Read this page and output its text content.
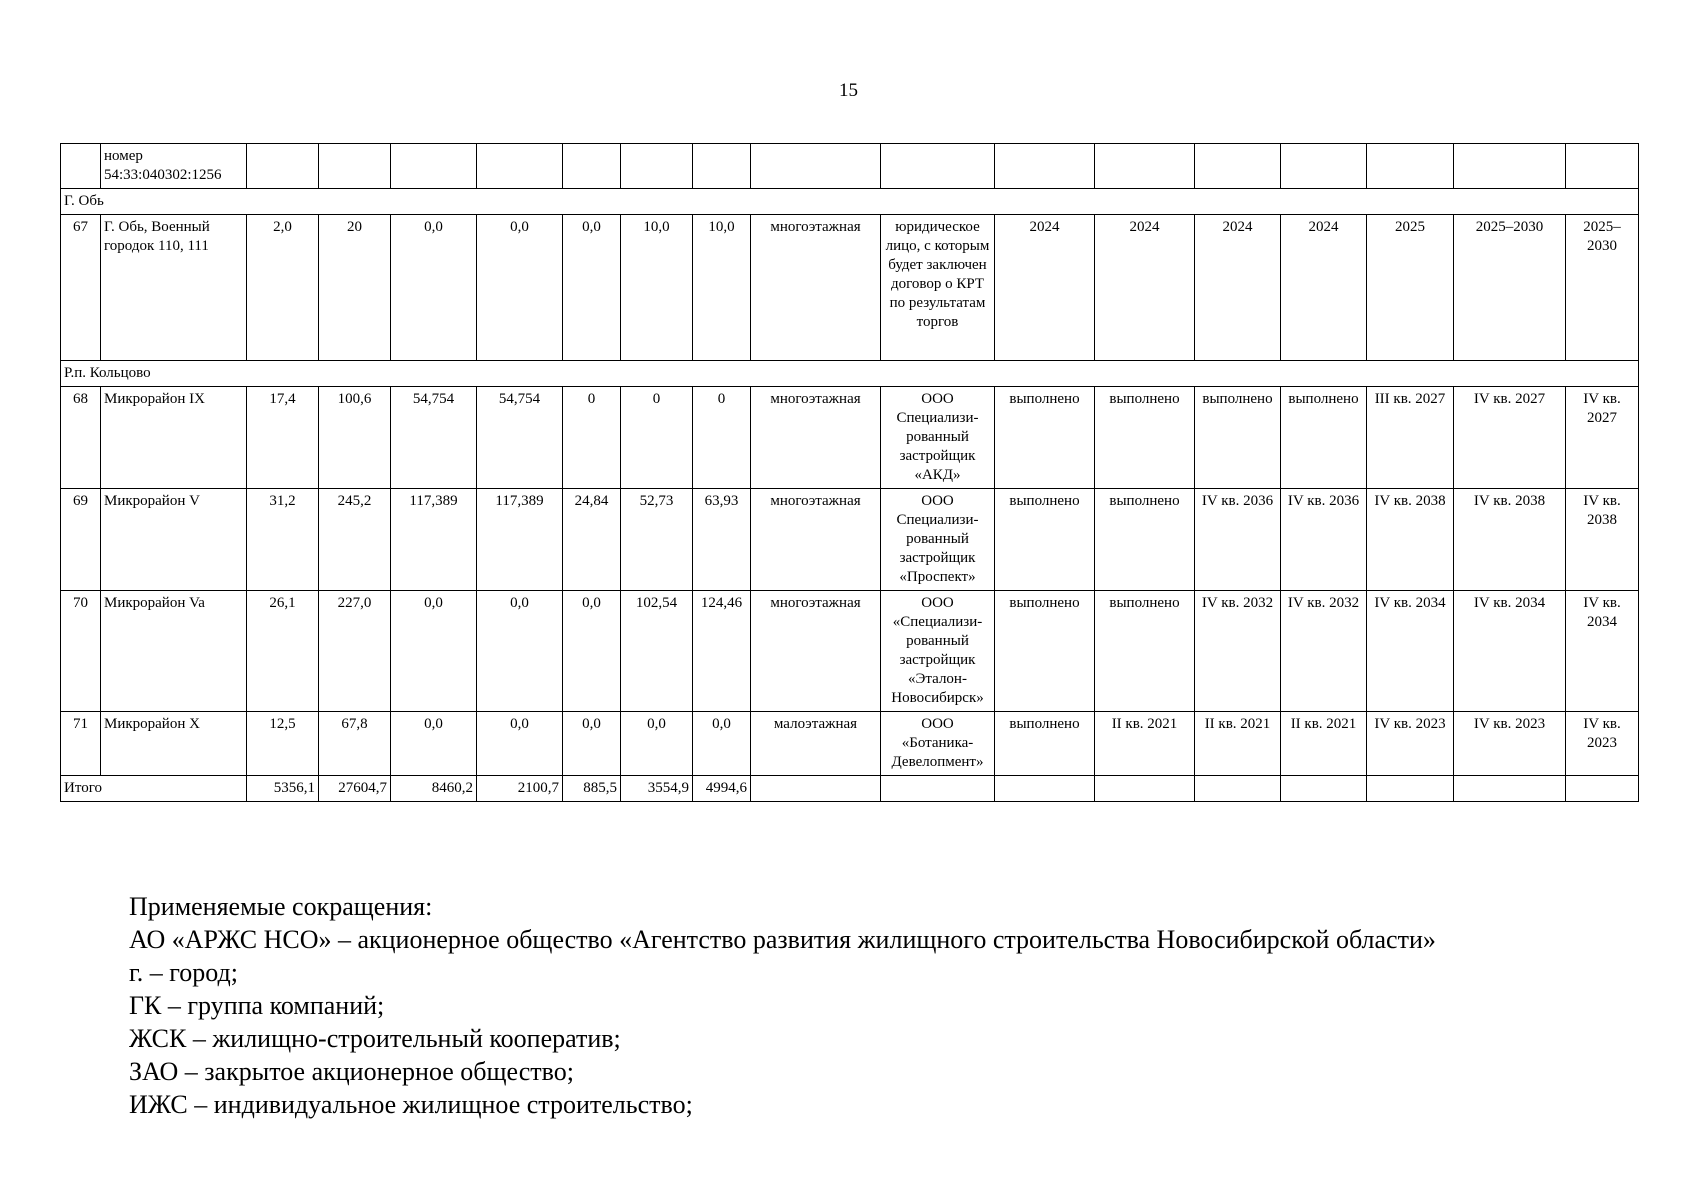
15
	номер 54:33:040302:1256																
Г. Обь																	
67	Г. Обь, Военный городок 110, 111	2,0	20	0,0	0,0	0,0	10,0	10,0	многоэтажная	юридическое лицо, с которым будет заключен договор о КРТ по результатам торгов	2024	2024	2024	2024	2025	2025–2030	2025–2030
Р.п. Кольцово																	
68	Микрорайон IX	17,4	100,6	54,754	54,754	0	0	0	многоэтажная	ООО Специализи-рованный застройщик «АКД»	выполнено	выполнено	выполнено	выполнено	III кв. 2027	IV кв. 2027	IV кв. 2027
69	Микрорайон V	31,2	245,2	117,389	117,389	24,84	52,73	63,93	многоэтажная	ООО Специализи-рованный застройщик «Проспект»	выполнено	выполнено	IV кв. 2036	IV кв. 2036	IV кв. 2038	IV кв. 2038	IV кв. 2038
70	Микрорайон Va	26,1	227,0	0,0	0,0	0,0	102,54	124,46	многоэтажная	ООО «Специализи-рованный застройщик «Эталон-Новосибирск»	выполнено	выполнено	IV кв. 2032	IV кв. 2032	IV кв. 2034	IV кв. 2034	IV кв. 2034
71	Микрорайон X	12,5	67,8	0,0	0,0	0,0	0,0	0,0	малоэтажная	ООО «Ботаника-Девелопмент»	выполнено	II кв. 2021	II кв. 2021	II кв. 2021	IV кв. 2023	IV кв. 2023	IV кв. 2023
Итого		5356,1	27604,7	8460,2	2100,7	885,5	3554,9	4994,6									
Применяемые сокращения:
АО «АРЖС НСО» – акционерное общество «Агентство развития жилищного строительства Новосибирской области»
г. – город;
ГК – группа компаний;
ЖСК – жилищно-строительный кооператив;
ЗАО – закрытое акционерное общество;
ИЖС – индивидуальное жилищное строительство;
